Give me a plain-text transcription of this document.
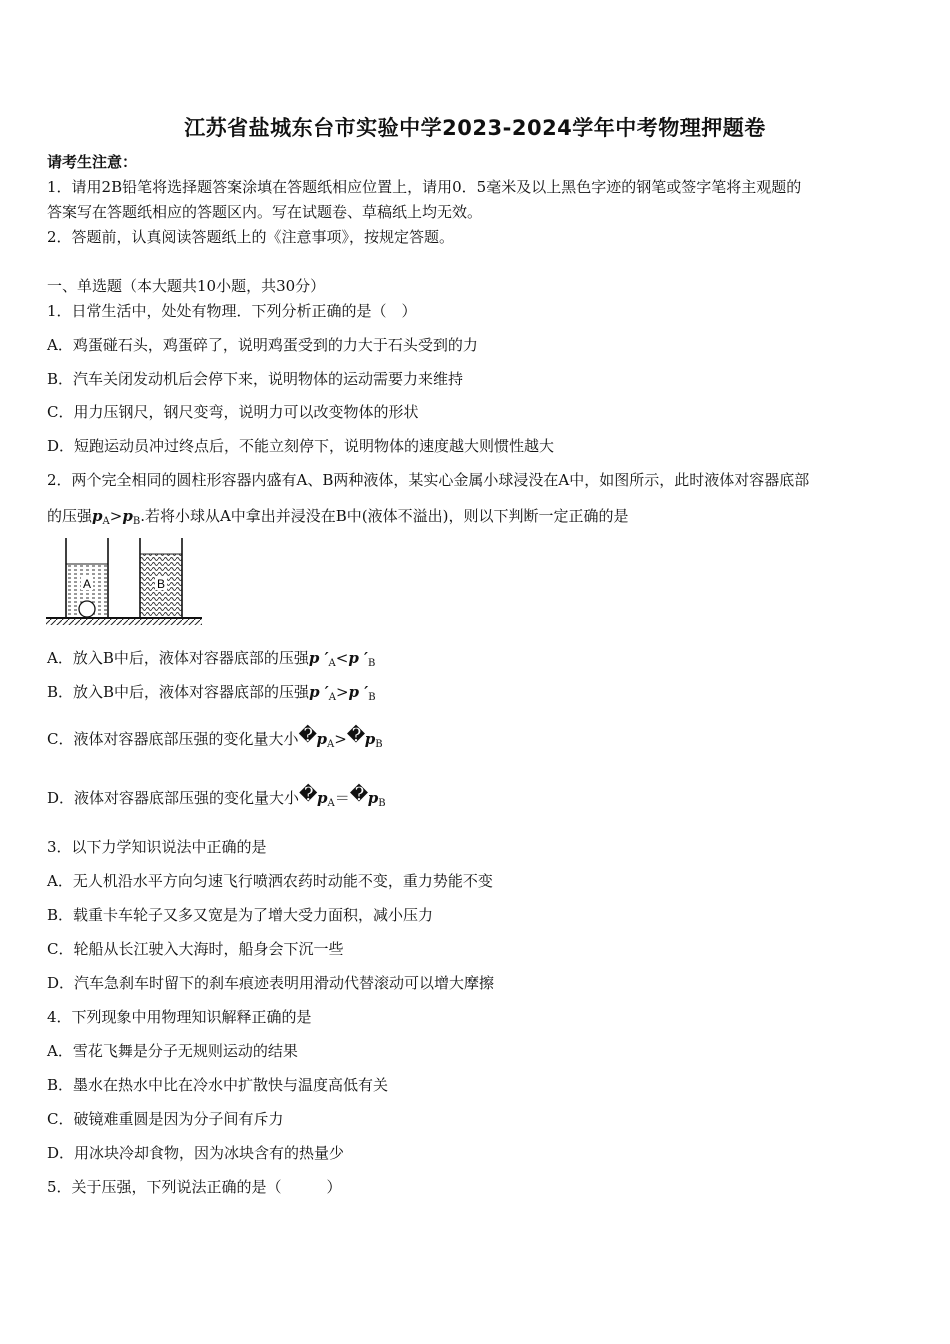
江苏省盐城东台市实验中学2023-2024学年中考物理押题卷
请考生注意：
1．请用2B铅笔将选择题答案涂填在答题纸相应位置上，请用0．5毫米及以上黑色字迹的钢笔或签字笔将主观题的
答案写在答题纸相应的答题区内。写在试题卷、草稿纸上均无效。
2．答题前，认真阅读答题纸上的《注意事项》，按规定答题。
一、单选题（本大题共10小题，共30分）
1．日常生活中，处处有物理．下列分析正确的是（　）
A．鸡蛋碰石头，鸡蛋碎了，说明鸡蛋受到的力大于石头受到的力
B．汽车关闭发动机后会停下来，说明物体的运动需要力来维持
C．用力压钢尺，钢尺变弯，说明力可以改变物体的形状
D．短跑运动员冲过终点后，不能立刻停下，说明物体的速度越大则惯性越大
2．两个完全相同的圆柱形容器内盛有A、B两种液体，某实心金属小球浸没在A中，如图所示，此时液体对容器底部
的压强$p_A>p_B$.若将小球从A中拿出并浸没在B中(液体不溢出)，则以下判断一定正确的是
A	B
A．放入B中后，液体对容器底部的压强p $'_A<p$ $'_B$
B．放入B中后，液体对容器底部的压强p $'_A>p$ $'_B$
C．液体对容器底部压强的变化量大小 � $p_A>$ � $p_B$
D．液体对容器底部压强的变化量大小 � $p_A=$ � $p_B$
3．以下力学知识说法中正确的是
A．无人机沿水平方向匀速飞行喷洒农药时动能不变，重力势能不变
B．载重卡车轮子又多又宽是为了增大受力面积，减小压力
C．轮船从长江驶入大海时，船身会下沉一些
D．汽车急刹车时留下的刹车痕迹表明用滑动代替滚动可以增大摩擦
4．下列现象中用物理知识解释正确的是
A．雪花飞舞是分子无规则运动的结果
B．墨水在热水中比在冷水中扩散快与温度高低有关
C．破镜难重圆是因为分子间有斥力
D．用冰块冷却食物，因为冰块含有的热量少
5．关于压强，下列说法正确的是（　　　）
